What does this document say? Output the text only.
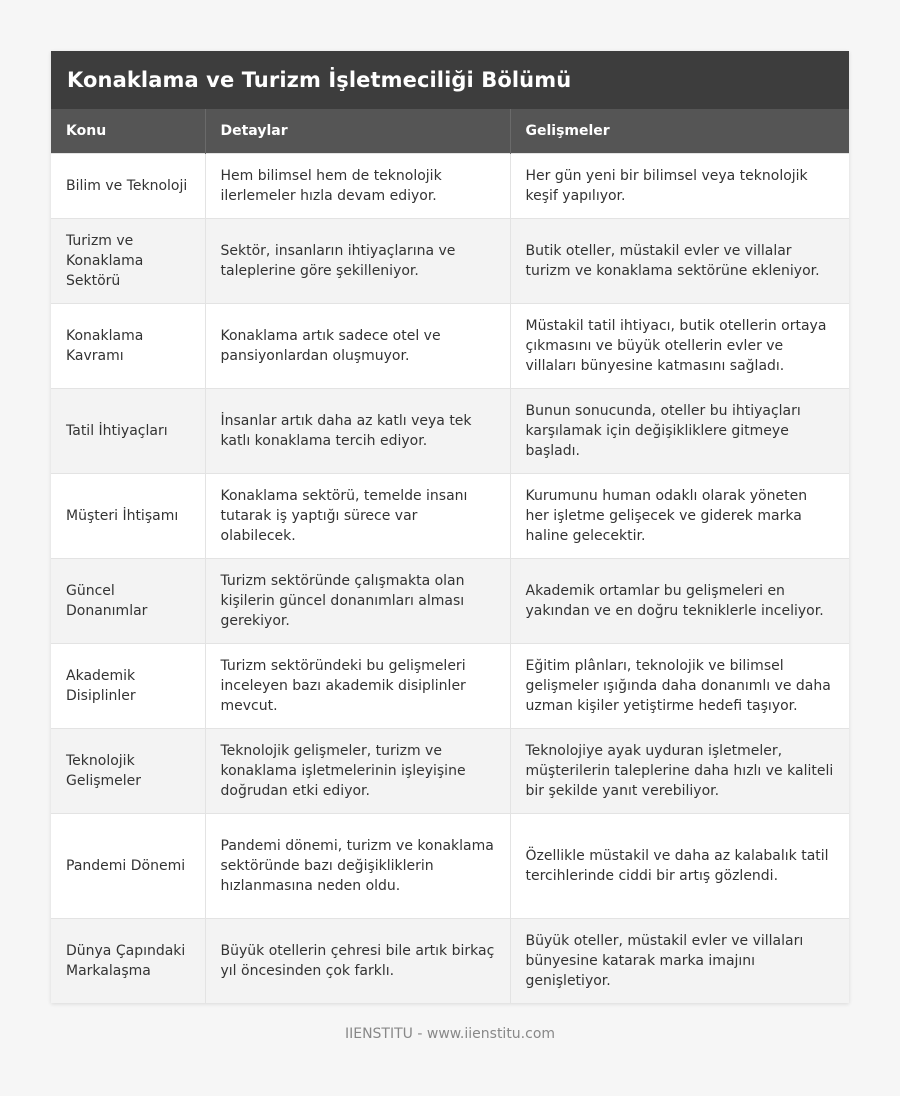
Konaklama ve Turizm İşletmeciliği Bölümü
Konu	Detaylar	Gelişmeler
Bilim ve Teknoloji	Hem bilimsel hem de teknolojik ilerlemeler hızla devam ediyor.	Her gün yeni bir bilimsel veya teknolojik keşif yapılıyor.
Turizm ve Konaklama Sektörü	Sektör, insanların ihtiyaçlarına ve taleplerine göre şekilleniyor.	Butik oteller, müstakil evler ve villalar turizm ve konaklama sektörüne ekleniyor.
Konaklama Kavramı	Konaklama artık sadece otel ve pansiyonlardan oluşmuyor.	Müstakil tatil ihtiyacı, butik otellerin ortaya çıkmasını ve büyük otellerin evler ve villaları bünyesine katmasını sağladı.
Tatil İhtiyaçları	İnsanlar artık daha az katlı veya tek katlı konaklama tercih ediyor.	Bunun sonucunda, oteller bu ihtiyaçları karşılamak için değişikliklere gitmeye başladı.
Müşteri İhtişamı	Konaklama sektörü, temelde insanı tutarak iş yaptığı sürece var olabilecek.	Kurumunu human odaklı olarak yöneten her işletme gelişecek ve giderek marka haline gelecektir.
Güncel Donanımlar	Turizm sektöründe çalışmakta olan kişilerin güncel donanımları alması gerekiyor.	Akademik ortamlar bu gelişmeleri en yakından ve en doğru tekniklerle inceliyor.
Akademik Disiplinler	Turizm sektöründeki bu gelişmeleri inceleyen bazı akademik disiplinler mevcut.	Eğitim plânları, teknolojik ve bilimsel gelişmeler ışığında daha donanımlı ve daha uzman kişiler yetiştirme hedefi taşıyor.
Teknolojik Gelişmeler	Teknolojik gelişmeler, turizm ve konaklama işletmelerinin işleyişine doğrudan etki ediyor.	Teknolojiye ayak uyduran işletmeler, müşterilerin taleplerine daha hızlı ve kaliteli bir şekilde yanıt verebiliyor.
Pandemi Dönemi	Pandemi dönemi, turizm ve konaklama sektöründe bazı değişikliklerin hızlanmasına neden oldu.	Özellikle müstakil ve daha az kalabalık tatil tercihlerinde ciddi bir artış gözlendi.
Dünya Çapındaki Markalaşma	Büyük otellerin çehresi bile artık birkaç yıl öncesinden çok farklı.	Büyük oteller, müstakil evler ve villaları bünyesine katarak marka imajını genişletiyor.
IIENSTITU - www.iienstitu.com
